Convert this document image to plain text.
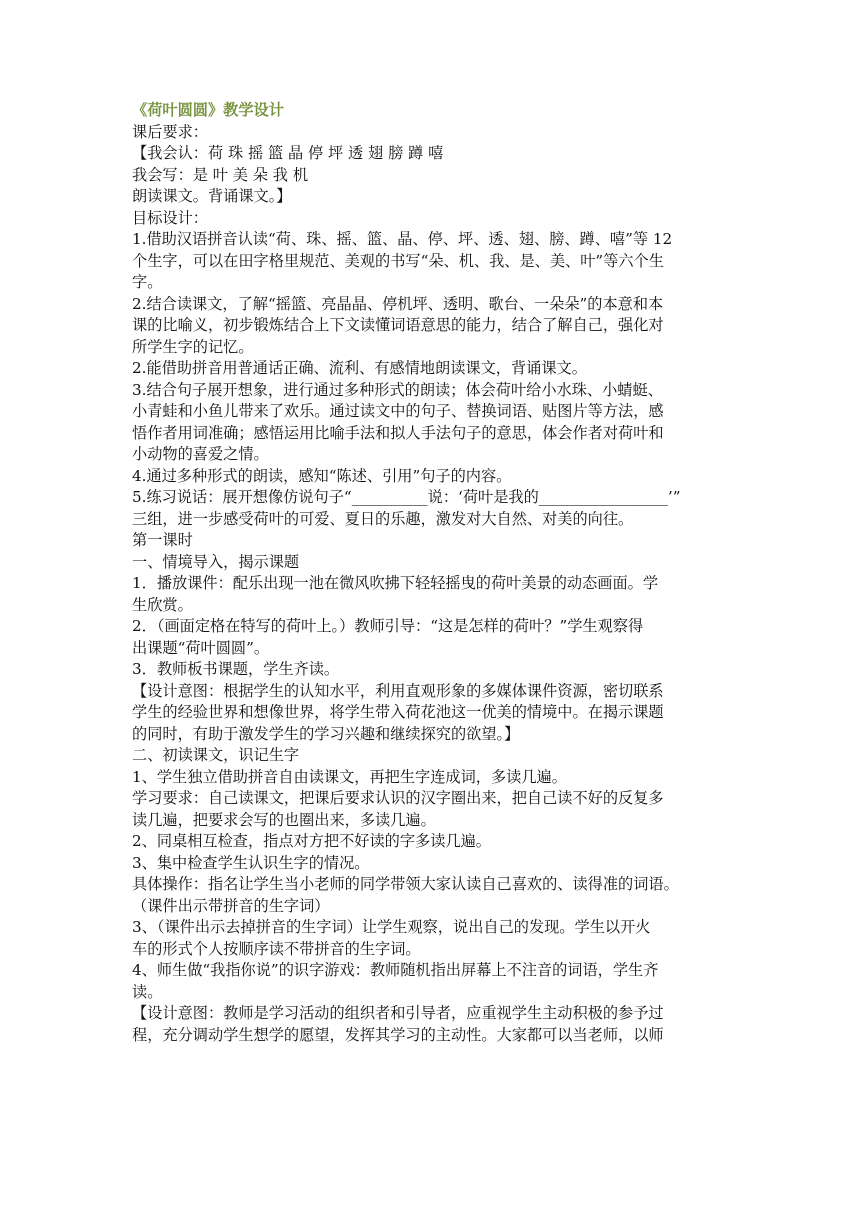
《荷叶圆圆》教学设计
课后要求：
【我会认：荷 珠 摇 篮 晶 停 坪 透 翅 膀 蹲 嘻
我会写：是 叶 美 朵 我 机
朗读课文。背诵课文。】
目标设计：
1.借助汉语拼音认读“荷、珠、摇、篮、晶、停、坪、透、翅、膀、蹲、嘻”等 12
个生字，可以在田字格里规范、美观的书写“朵、机、我、是、美、叶”等六个生
字。
2.结合读课文，了解“摇篮、亮晶晶、停机坪、透明、歌台、一朵朵”的本意和本
课的比喻义，初步锻炼结合上下文读懂词语意思的能力，结合了解自己，强化对
所学生字的记忆。
2.能借助拼音用普通话正确、流利、有感情地朗读课文，背诵课文。
3.结合句子展开想象，进行通过多种形式的朗读；体会荷叶给小水珠、小蜻蜓、
小青蛙和小鱼儿带来了欢乐。通过读文中的句子、替换词语、贴图片等方法，感
悟作者用词准确；感悟运用比喻手法和拟人手法句子的意思，体会作者对荷叶和
小动物的喜爱之情。
4.通过多种形式的朗读，感知“陈述、引用”句子的内容。
5.练习说话：展开想像仿说句子“__________说：‘荷叶是我的_________________’”
三组，进一步感受荷叶的可爱、夏日的乐趣，激发对大自然、对美的向往。
第一课时
一、情境导入，揭示课题
1．播放课件：配乐出现一池在微风吹拂下轻轻摇曳的荷叶美景的动态画面。学
生欣赏。
2．（画面定格在特写的荷叶上。）教师引导：“这是怎样的荷叶？”学生观察得
出课题“荷叶圆圆”。
3．教师板书课题，学生齐读。
【设计意图：根据学生的认知水平，利用直观形象的多媒体课件资源，密切联系
学生的经验世界和想像世界，将学生带入荷花池这一优美的情境中。在揭示课题
的同时，有助于激发学生的学习兴趣和继续探究的欲望。】
二、初读课文，识记生字
1、学生独立借助拼音自由读课文，再把生字连成词，多读几遍。
学习要求：自己读课文，把课后要求认识的汉字圈出来，把自己读不好的反复多
读几遍，把要求会写的也圈出来，多读几遍。
2、同桌相互检查，指点对方把不好读的字多读几遍。
3、集中检查学生认识生字的情况。
具体操作：指名让学生当小老师的同学带领大家认读自己喜欢的、读得准的词语。
（课件出示带拼音的生字词）
3、（课件出示去掉拼音的生字词）让学生观察，说出自己的发现。学生以开火
车的形式个人按顺序读不带拼音的生字词。
4、师生做“我指你说”的识字游戏：教师随机指出屏幕上不注音的词语，学生齐
读。
【设计意图：教师是学习活动的组织者和引导者，应重视学生主动积极的参予过
程，充分调动学生想学的愿望，发挥其学习的主动性。大家都可以当老师，以师
